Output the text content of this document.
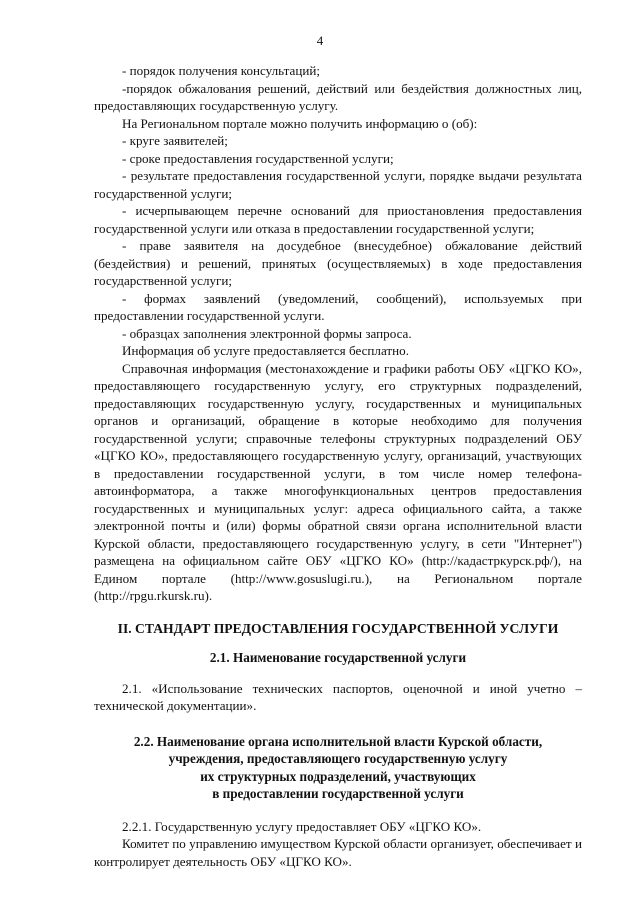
4

- порядок получения консультаций;

-порядок обжалования решений, действий или бездействия должностных лиц, предоставляющих государственную услугу.

На Региональном портале можно получить информацию о (об):

- круге заявителей;

- сроке предоставления государственной услуги;

- результате предоставления государственной услуги, порядке выдачи результата государственной услуги;

- исчерпывающем перечне оснований для приостановления предоставления государственной услуги или отказа в предоставлении государственной услуги;

- праве заявителя на досудебное (внесудебное) обжалование действий (бездействия) и решений, принятых (осуществляемых) в ходе предоставления государственной услуги;

- формах заявлений (уведомлений, сообщений), используемых при предоставлении государственной услуги.

- образцах заполнения электронной формы запроса.

Информация об услуге предоставляется бесплатно.

Справочная информация (местонахождение и графики работы ОБУ «ЦГКО КО», предоставляющего государственную услугу, его структурных подразделений, предоставляющих государственную услугу, государственных и муниципальных органов и организаций, обращение в которые необходимо для получения государственной услуги; справочные телефоны структурных подразделений ОБУ «ЦГКО КО», предоставляющего государственную услугу, организаций, участвующих в предоставлении государственной услуги, в том числе номер телефона-автоинформатора, а также многофункциональных центров предоставления государственных и муниципальных услуг: адреса официального сайта, а также электронной почты и (или) формы обратной связи органа исполнительной власти Курской области, предоставляющего государственную услугу, в сети "Интернет") размещена на официальном сайте ОБУ «ЦГКО КО» (http://кадастркурск.рф/), на Едином портале (http://www.gosuslugi.ru.), на Региональном портале (http://rpgu.rkursk.ru).

II. СТАНДАРТ ПРЕДОСТАВЛЕНИЯ ГОСУДАРСТВЕННОЙ УСЛУГИ

2.1. Наименование государственной услуги

2.1. «Использование технических паспортов, оценочной и иной учетно – технической документации».

2.2. Наименование органа исполнительной власти Курской области,
учреждения, предоставляющего государственную услугу
их структурных подразделений, участвующих
в предоставлении государственной услуги

2.2.1. Государственную услугу предоставляет ОБУ «ЦГКО КО».

Комитет по управлению имуществом Курской области организует, обеспечивает и контролирует деятельность ОБУ «ЦГКО КО».
